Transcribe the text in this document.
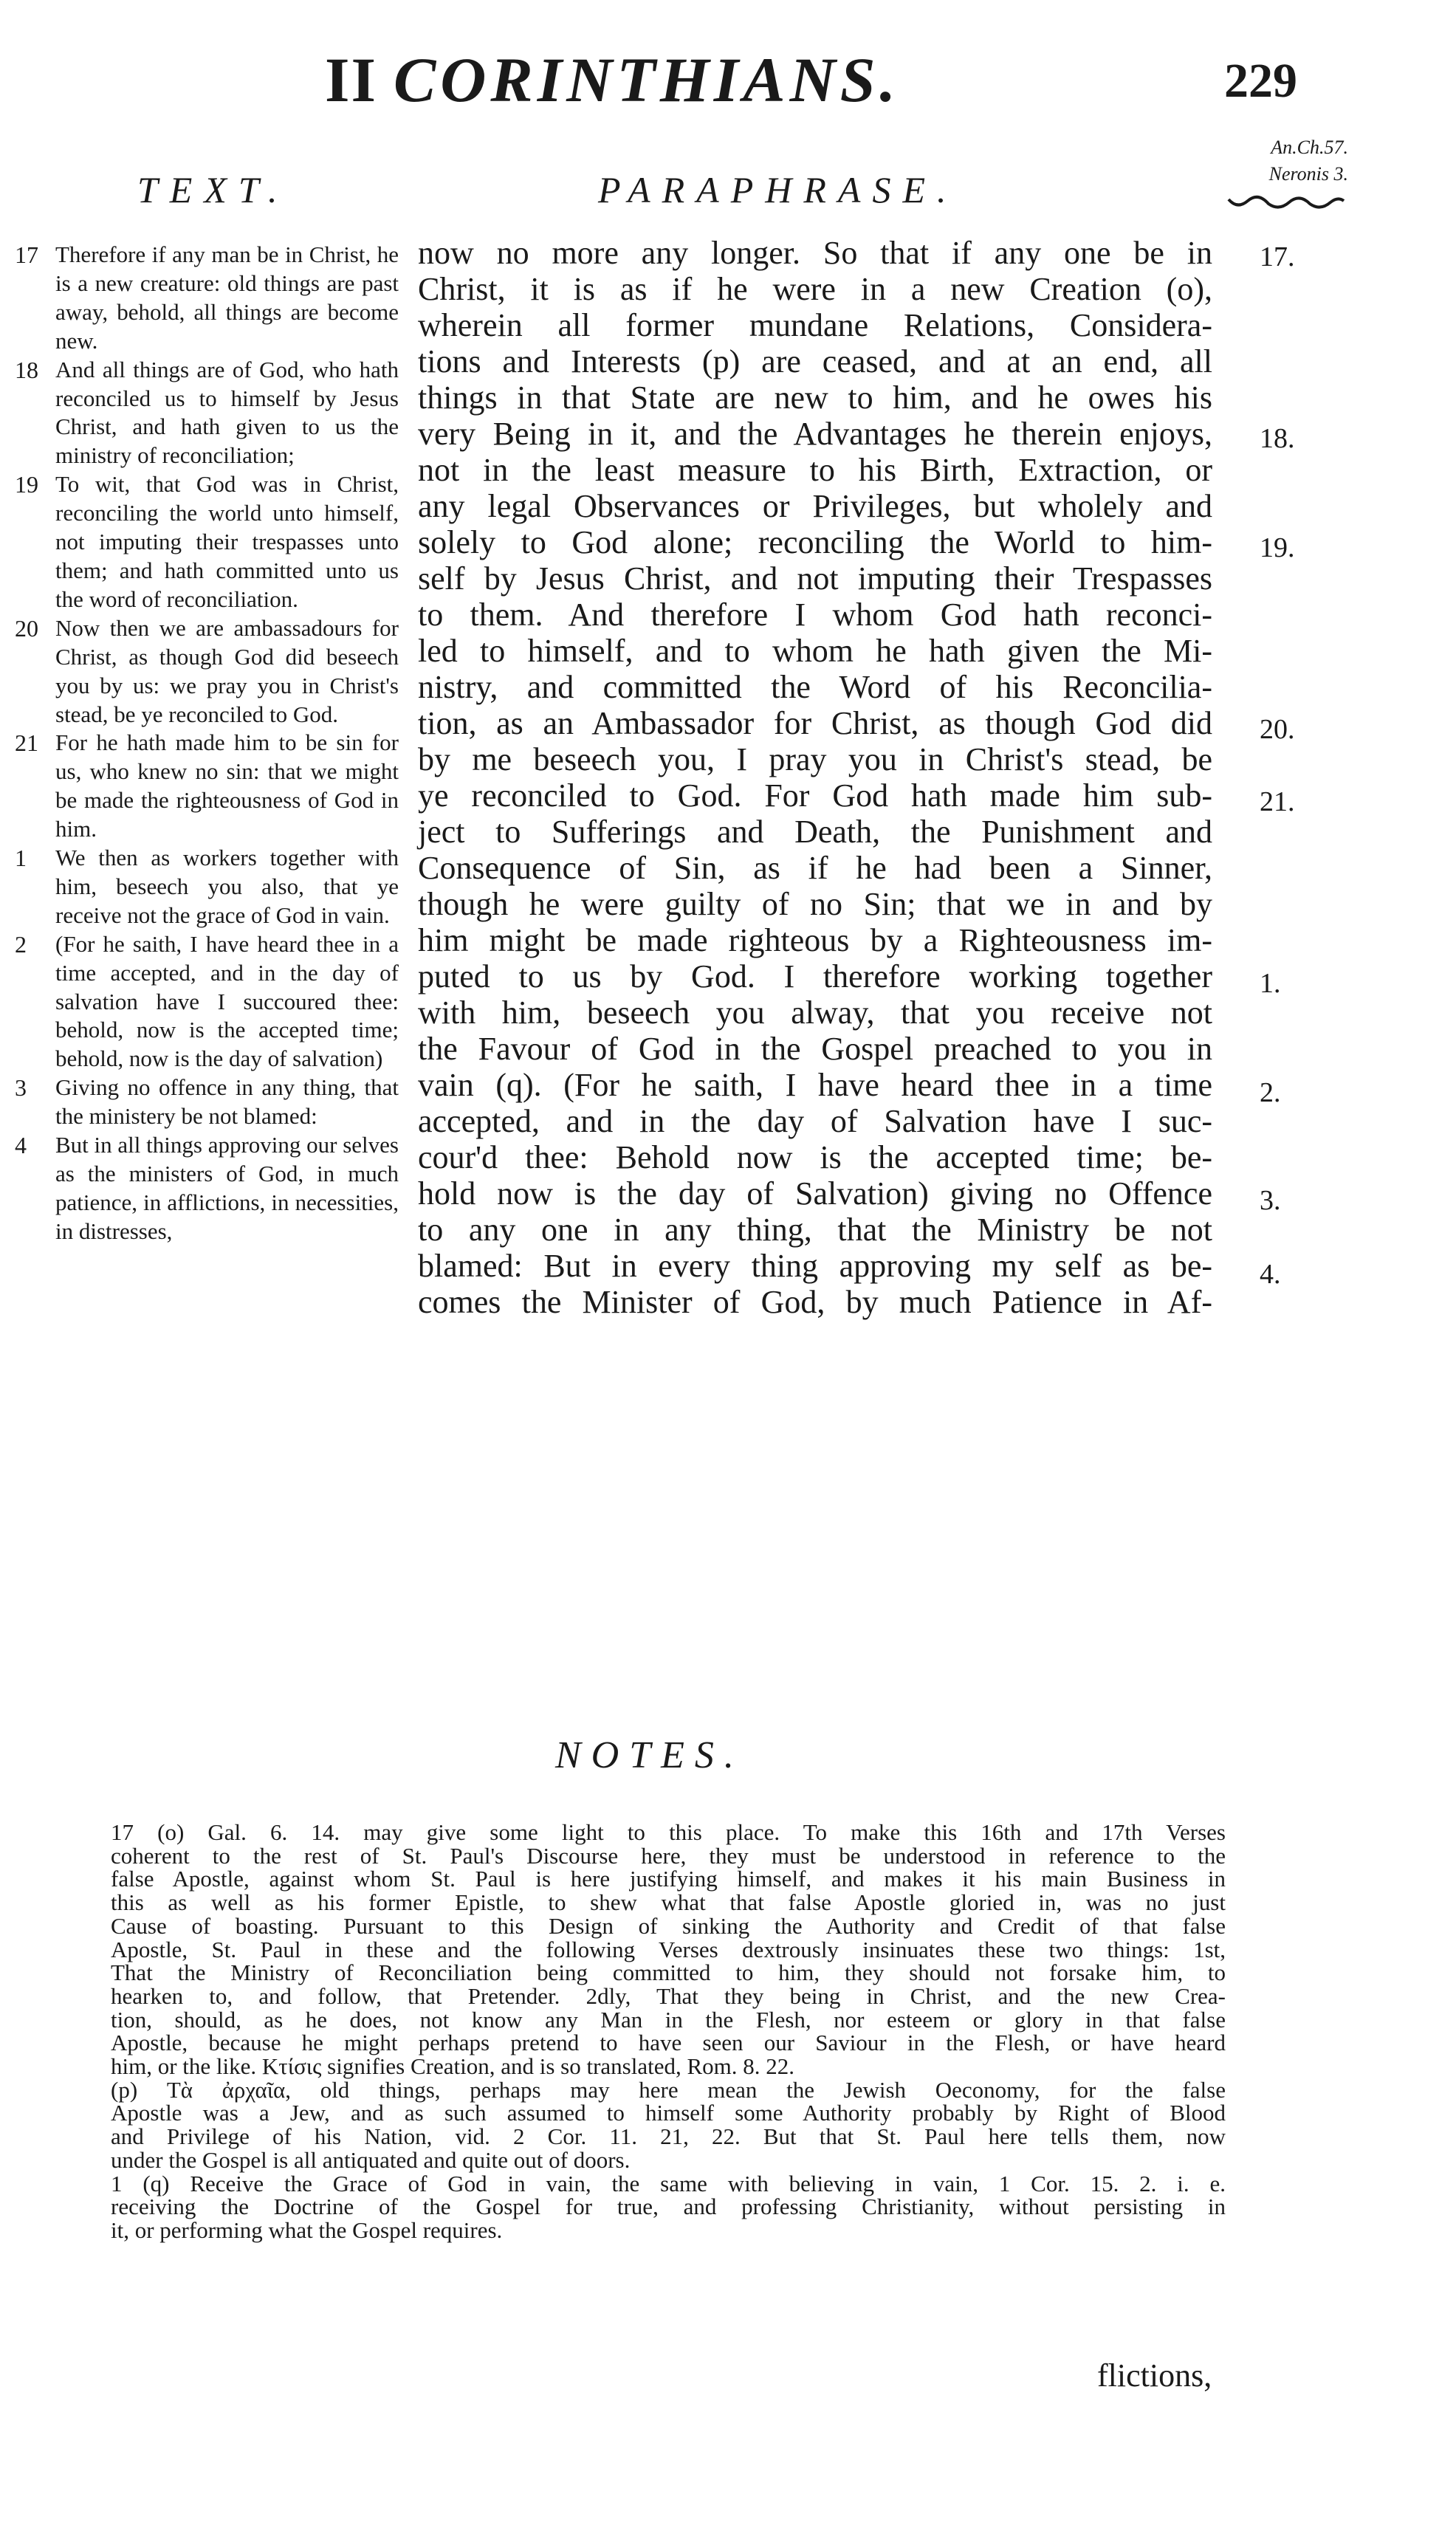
II CORINTHIANS.	229
An.Ch.57.
Neronis 3.
TEXT.	PARAPHRASE.
17 Therefore if any man be in Christ, he is a new creature: old things are past away, behold, all things are become new.
18 And all things are of God, who hath reconciled us to himself by Jesus Christ, and hath given to us the ministry of reconciliation;
19 To wit, that God was in Christ, reconciling the world unto himself, not imputing their trespasses unto them; and hath committed unto us the word of reconciliation.
20 Now then we are ambassadours for Christ, as though God did beseech you by us: we pray you in Christ's stead, be ye reconciled to God.
21 For he hath made him to be sin for us, who knew no sin: that we might be made the righteousness of God in him.
1	We then as workers together with him, beseech you also, that ye receive not the grace of God in vain.
2	(For he saith, I have heard thee in a time accepted, and in the day of salvation have I succoured thee: behold, now is the accepted time; behold, now is the day of salvation)
3	Giving no offence in any thing, that the ministery be not blamed:
4	But in all things approving our selves as the ministers of God, in much patience, in afflictions, in necessities, in distresses,
now no more any longer. So that if any one be in
Christ, it is as if he were in a new Creation (o),
wherein all former mundane Relations, Considera-
tions and Interests (p) are ceased, and at an end, all
things in that State are new to him, and he owes his
very Being in it, and the Advantages he therein enjoys,
not in the least measure to his Birth, Extraction, or
any legal Observances or Privileges, but wholely and
solely to God alone; reconciling the World to him-
self by Jesus Christ, and not imputing their Trespasses
to them. And therefore I whom God hath reconci-
led to himself, and to whom he hath given the Mi-
nistry, and committed the Word of his Reconcilia-
tion, as an Ambassador for Christ, as though God did
by me beseech you, I pray you in Christ's stead, be
ye reconciled to God. For God hath made him sub-
ject to Sufferings and Death, the Punishment and
Consequence of Sin, as if he had been a Sinner,
though he were guilty of no Sin; that we in and by
him might be made righteous by a Righteousness im-
puted to us by God. I therefore working together
with him, beseech you alway, that you receive not
the Favour of God in the Gospel preached to you in
vain (q). (For he saith, I have heard thee in a time
accepted, and in the day of Salvation have I suc-
cour'd thee: Behold now is the accepted time; be-
hold now is the day of Salvation) giving no Offence
to any one in any thing, that the Ministry be not
blamed: But in every thing approving my self as be-
comes the Minister of God, by much Patience in Af-
17.
18.
19.
20.
21.
1.
2.
3.
4.
NOTES.
17 (o) Gal. 6. 14. may give some light to this place. To make this 16th and 17th Verses
coherent to the rest of St. Paul's Discourse here, they must be understood in reference to the
false Apostle, against whom St. Paul is here justifying himself, and makes it his main Business in
this as well as his former Epistle, to shew what that false Apostle gloried in, was no just
Cause of boasting. Pursuant to this Design of sinking the Authority and Credit of that false
Apostle, St. Paul in these and the following Verses dextrously insinuates these two things: 1st,
That the Ministry of Reconciliation being committed to him, they should not forsake him, to
hearken to, and follow, that Pretender. 2dly, That they being in Christ, and the new Crea-
tion, should, as he does, not know any Man in the Flesh, nor esteem or glory in that false
Apostle, because he might perhaps pretend to have seen our Saviour in the Flesh, or have heard
him, or the like. Κτίσις signifies Creation, and is so translated, Rom. 8. 22.
(p) Τὰ ἀρχαῖα, old things, perhaps may here mean the Jewish Oeconomy, for the false
Apostle was a Jew, and as such assumed to himself some Authority probably by Right of Blood
and Privilege of his Nation, vid. 2 Cor. 11. 21, 22. But that St. Paul here tells them, now
under the Gospel is all antiquated and quite out of doors.
1 (q) Receive the Grace of God in vain, the same with believing in vain, 1 Cor. 15. 2. i. e.
receiving the Doctrine of the Gospel for true, and professing Christianity, without persisting in
it, or performing what the Gospel requires.
flictions,
